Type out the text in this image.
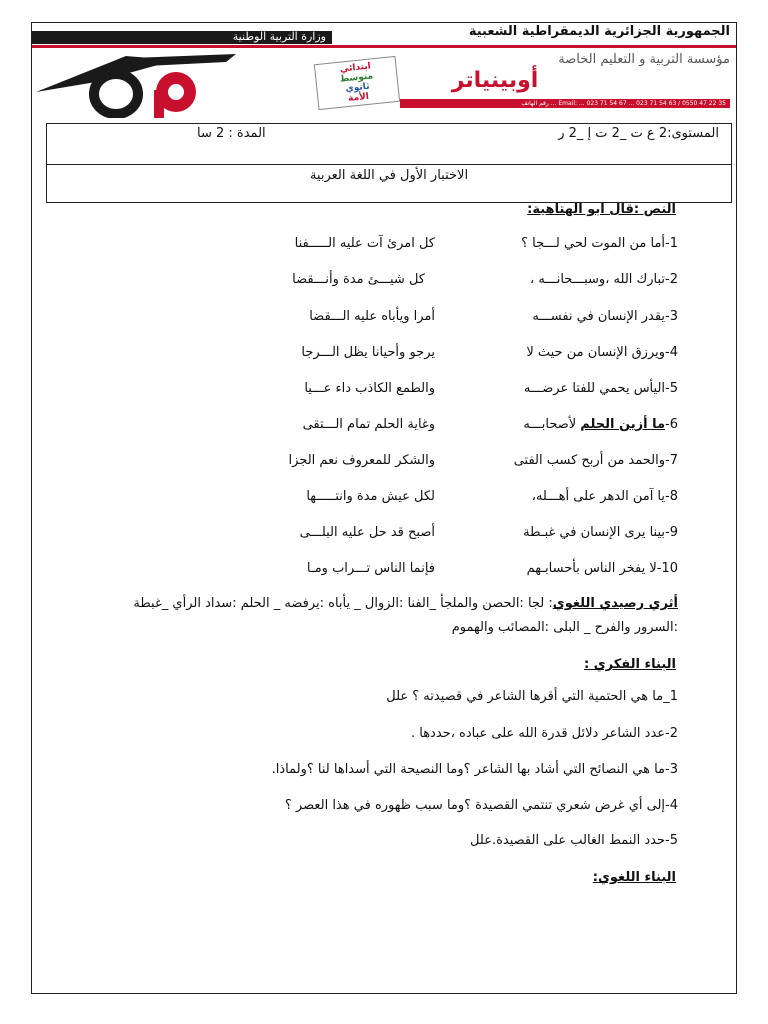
وزارة التربية الوطنية	الجمهورية الجزائرية الديمقراطية الشعبية
ابتدائي
متوسط
ثانوي
الأمة
مؤسسة التربية و التعليم الخاصة
أوبينياتر
Email: ... 023 71 54 67 ... 023 71 54 63 / 0550 47 22 35 ... رقم الهاتف
المستوى:2 ع ت _2 ت إ _2 ر
المدة : 2 سا
الاختبار الأول في اللغة العربية
النص :قال ابو الهتاهية:
1-أما من الموت لحي لـــجا ؟
كل امرئ آت عليه الـــــفنا
2-تبارك الله ،وسبـــحانـــه ،
كل شيـــئ مدة وأنـــقضا
3-يقدر الإنسان في نفســـه
أمرا ويأباه عليه الـــقضا
4-ويرزق الإنسان من حيث لا
يرجو وأحيانا يظل الـــرجا
5-اليأس يحمي للفتا عرضـــه
والطمع الكاذب داء عـــيا
6-ما أزين الحلم لأصحابـــه
وغاية الحلم تمام الـــتقى
7-والحمد من أربح كسب الفتى
والشكر للمعروف نعم الجزا
8-يا آمن الدهر على أهـــله،
لكل عيش مدة وانتـــــها
9-بينا يرى الإنسان في غبـطة
أصبح قد حل عليه البلـــى
10-لا يفخر الناس بأحسابـهم
فإنما الناس تـــراب ومـا
أثري رصيدي اللغوي: لجا :الحصن والملجأ _الفنا :الزوال _ يأباه :يرفضه _ الحلم :سداد الرأي _غبطة
:السرور والفرح _ البلى :المصائب والهموم
البناء الفكري :
1_ما هي الحتمية التي أقرها الشاعر في قصيدته ؟ علل
2-عدد الشاعر دلائل قدرة الله على عباده ،حددها .
3-ما هي النصائح التي أشاد بها الشاعر ؟وما النصيحة التي أسداها لنا ؟ولماذا.
4-إلى أي غرض شعري تنتمي القصيدة ؟وما سبب ظهوره في هذا العصر ؟
5-حدد النمط الغالب على القصيدة.علل
البناء اللغوي:
